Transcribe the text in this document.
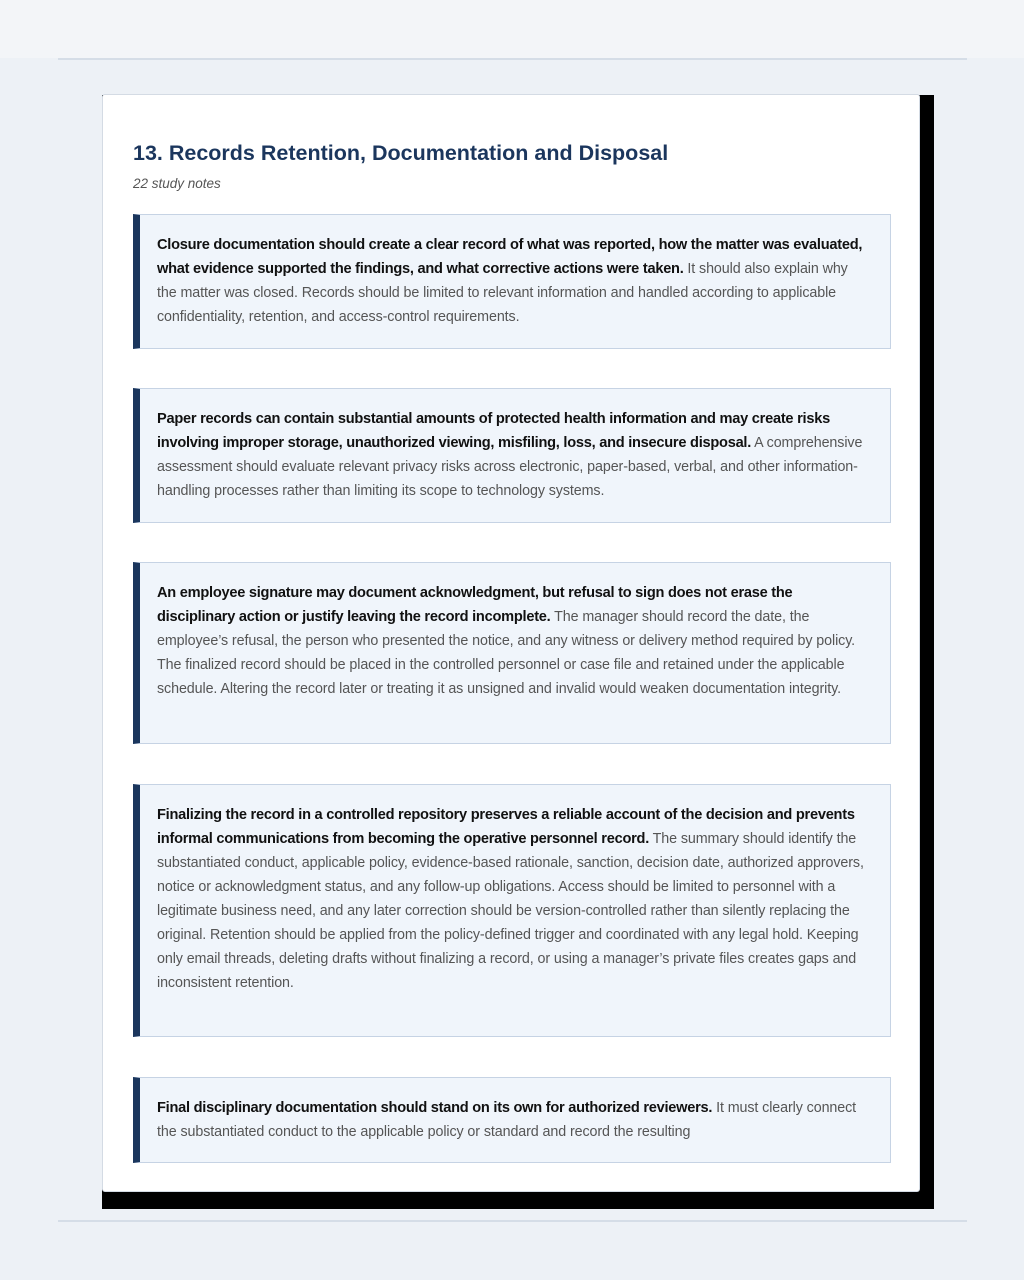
13. Records Retention, Documentation and Disposal
22 study notes

Closure documentation should create a clear record of what was reported, how the matter was evaluated, what evidence supported the findings, and what corrective actions were taken. It should also explain why the matter was closed. Records should be limited to relevant information and handled according to applicable confidentiality, retention, and access-control requirements.

Paper records can contain substantial amounts of protected health information and may create risks involving improper storage, unauthorized viewing, misfiling, loss, and insecure disposal. A comprehensive assessment should evaluate relevant privacy risks across electronic, paper-based, verbal, and other information-handling processes rather than limiting its scope to technology systems.

An employee signature may document acknowledgment, but refusal to sign does not erase the disciplinary action or justify leaving the record incomplete. The manager should record the date, the employee’s refusal, the person who presented the notice, and any witness or delivery method required by policy. The finalized record should be placed in the controlled personnel or case file and retained under the applicable schedule. Altering the record later or treating it as unsigned and invalid would weaken documentation integrity.

Finalizing the record in a controlled repository preserves a reliable account of the decision and prevents informal communications from becoming the operative personnel record. The summary should identify the substantiated conduct, applicable policy, evidence-based rationale, sanction, decision date, authorized approvers, notice or acknowledgment status, and any follow-up obligations. Access should be limited to personnel with a legitimate business need, and any later correction should be version-controlled rather than silently replacing the original. Retention should be applied from the policy-defined trigger and coordinated with any legal hold. Keeping only email threads, deleting drafts without finalizing a record, or using a manager’s private files creates gaps and inconsistent retention.

Final disciplinary documentation should stand on its own for authorized reviewers. It must clearly connect the substantiated conduct to the applicable policy or standard and record the resulting
